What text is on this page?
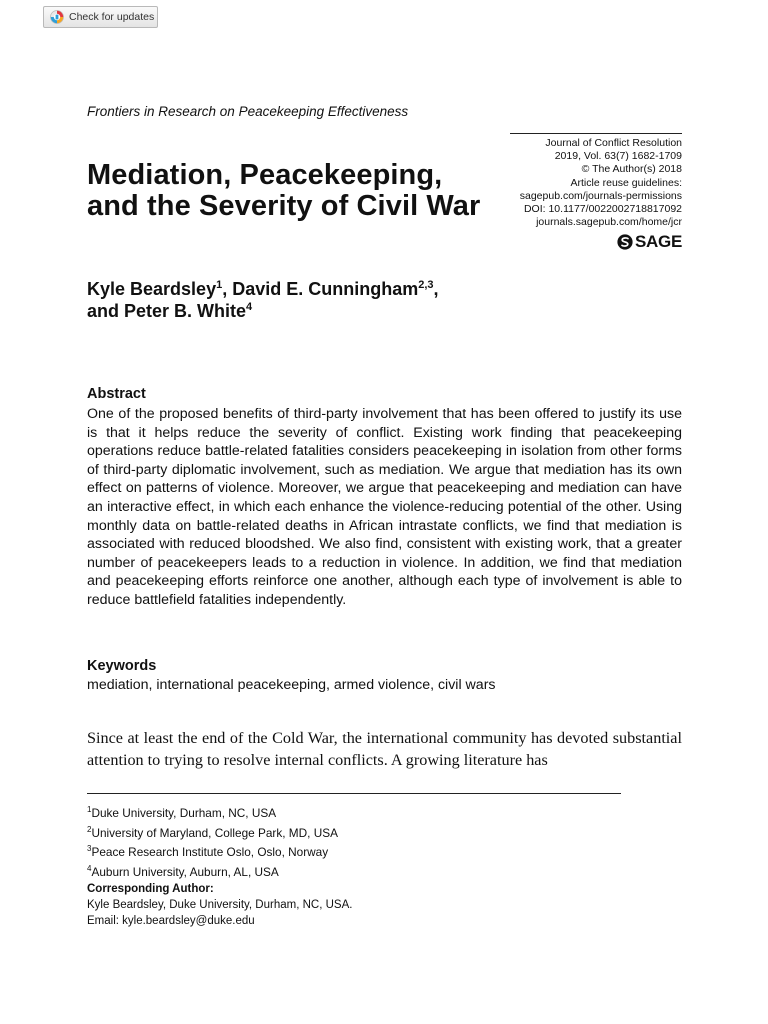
Check for updates
Frontiers in Research on Peacekeeping Effectiveness
Journal of Conflict Resolution
2019, Vol. 63(7) 1682-1709
© The Author(s) 2018
Article reuse guidelines:
sagepub.com/journals-permissions
DOI: 10.1177/0022002718817092
journals.sagepub.com/home/jcr
SAGE
Mediation, Peacekeeping, and the Severity of Civil War

Kyle Beardsley$^1$, David E. Cunningham$^{2,3}$,
and Peter B. White$^4$

Abstract

One of the proposed benefits of third-party involvement that has been offered to justify its use is that it helps reduce the severity of conflict. Existing work finding that peacekeeping operations reduce battle-related fatalities considers peacekeeping in isolation from other forms of third-party diplomatic involvement, such as mediation. We argue that mediation has its own effect on patterns of violence. Moreover, we argue that peacekeeping and mediation can have an interactive effect, in which each enhance the violence-reducing potential of the other. Using monthly data on battle-related deaths in African intrastate conflicts, we find that mediation is associated with reduced bloodshed. We also find, consistent with existing work, that a greater number of peacekeepers leads to a reduction in violence. In addition, we find that mediation and peacekeeping efforts reinforce one another, although each type of involvement is able to reduce battlefield fatalities independently.

Keywords
mediation, international peacekeeping, armed violence, civil wars

Since at least the end of the Cold War, the international community has devoted substantial attention to trying to resolve internal conflicts. A growing literature has

$^1$Duke University, Durham, NC, USA
$^2$University of Maryland, College Park, MD, USA
$^3$Peace Research Institute Oslo, Oslo, Norway
$^4$Auburn University, Auburn, AL, USA
Corresponding Author:
Kyle Beardsley, Duke University, Durham, NC, USA.
Email: kyle.beardsley@duke.edu
